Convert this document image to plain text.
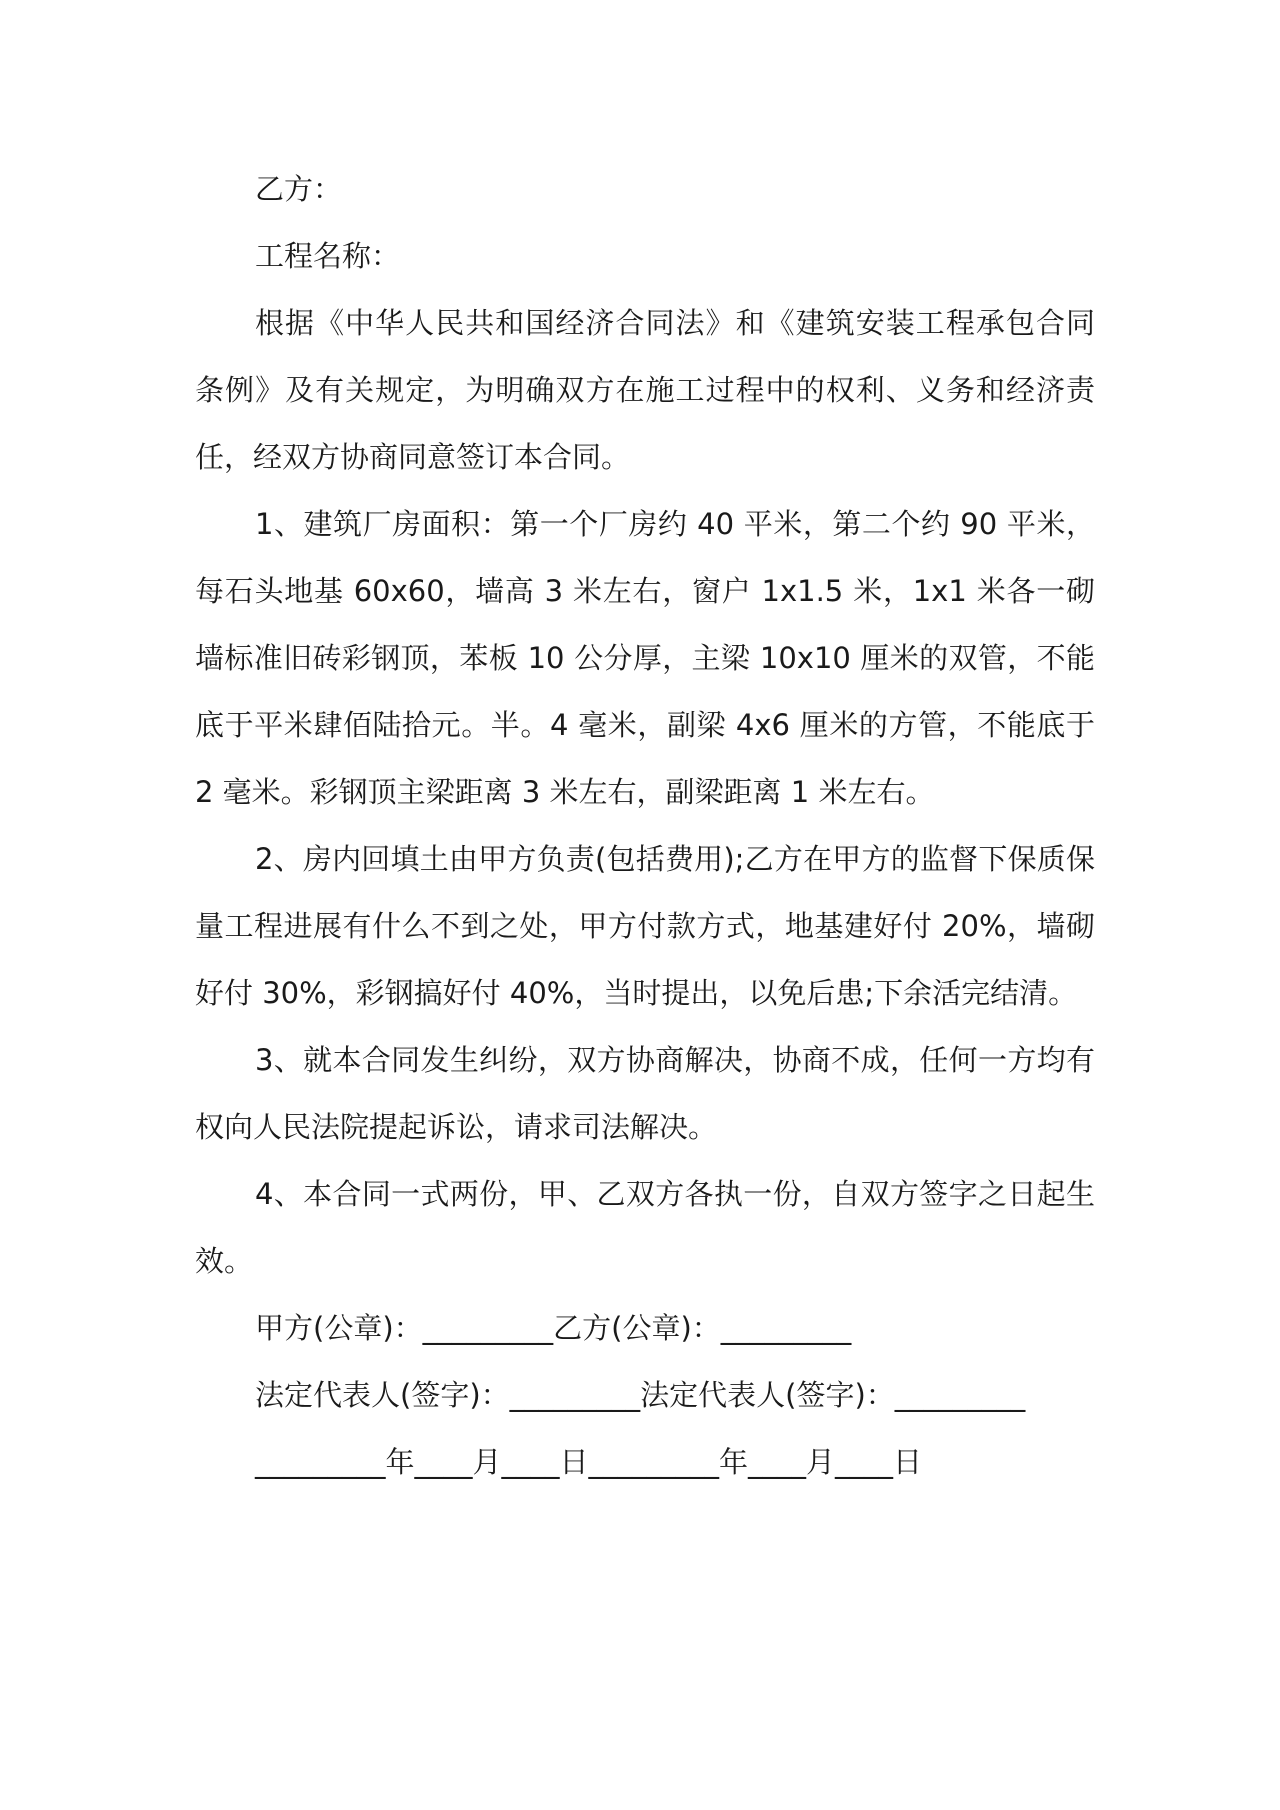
乙方：

工程名称：

根据《中华人民共和国经济合同法》和《建筑安装工程承包合同条例》及有关规定，为明确双方在施工过程中的权利、义务和经济责任，经双方协商同意签订本合同。

1、建筑厂房面积：第一个厂房约 40 平米，第二个约 90 平米，每石头地基 60x60，墙高 3 米左右，窗户 1x1.5 米，1x1 米各一砌墙标准旧砖彩钢顶，苯板 10 公分厚，主梁 10x10 厘米的双管，不能底于平米肆佰陆拾元。半。4 毫米，副梁 4x6 厘米的方管，不能底于 2 毫米。彩钢顶主梁距离 3 米左右，副梁距离 1 米左右。

2、房内回填土由甲方负责(包括费用);乙方在甲方的监督下保质保量工程进展有什么不到之处，甲方付款方式，地基建好付 20%，墙砌好付 30%，彩钢搞好付 40%，当时提出，以免后患;下余活完结清。

3、就本合同发生纠纷，双方协商解决，协商不成，任何一方均有权向人民法院提起诉讼，请求司法解决。

4、本合同一式两份，甲、乙双方各执一份，自双方签字之日起生效。

甲方(公章)：_________乙方(公章)：_________
法定代表人(签字)：_________法定代表人(签字)：_________
_________年____月____日_________年____月____日
